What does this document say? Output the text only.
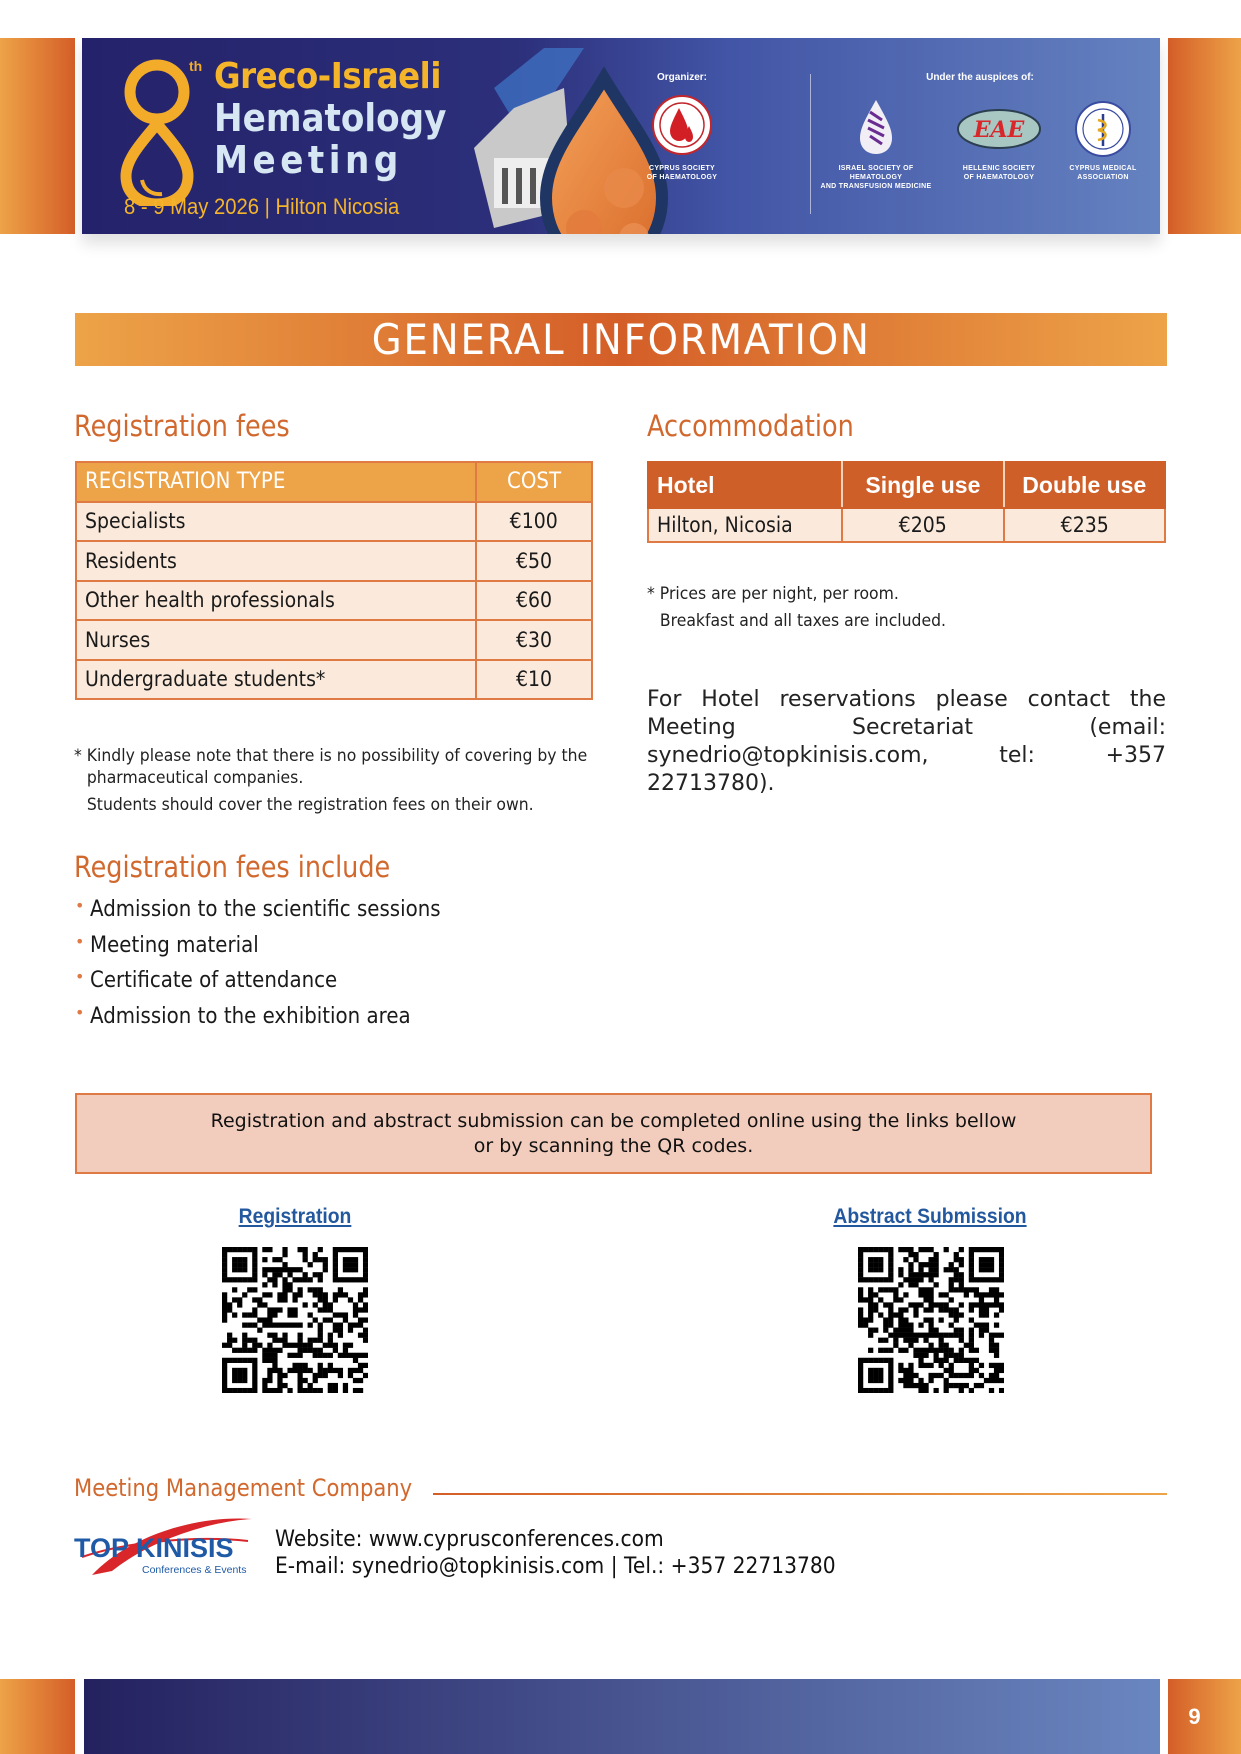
th Greco-Israeli
Hematology
Meeting
8 - 9 May 2026 | Hilton Nicosia
Organizer:
CYPRUS SOCIETY
OF HAEMATOLOGY
Under the auspices of:
ISRAEL SOCIETY OF HEMATOLOGY
AND TRANSFUSION MEDICINE
ΕΑΕ
HELLENIC SOCIETY
OF HAEMATOLOGY
CYPRUS MEDICAL
ASSOCIATION
GENERAL INFORMATION
Registration fees
REGISTRATION TYPE	COST
Specialists	€100
Residents	€50
Other health professionals	€60
Nurses	€30
Undergraduate students*	€10
* Kindly please note that there is no possibility of covering by the
pharmaceutical companies.
Students should cover the registration fees on their own.
Registration fees include
• Admission to the scientific sessions
• Meeting material
• Certificate of attendance
• Admission to the exhibition area
Accommodation
Hotel	Single use	Double use
Hilton, Nicosia	€205	€235
* Prices are per night, per room.
Breakfast and all taxes are included.

For Hotel reservations please contact the Meeting Secretariat (email: synedrio@topkinisis.com, tel: +357 22713780).

Registration and abstract submission can be completed online using the links bellow
or by scanning the QR codes.
Registration	Abstract Submission
Meeting Management Company
TOP KINISIS
Conferences & Events
Website: www.cyprusconferences.com
E-mail: synedrio@topkinisis.com | Tel.: +357 22713780
9
